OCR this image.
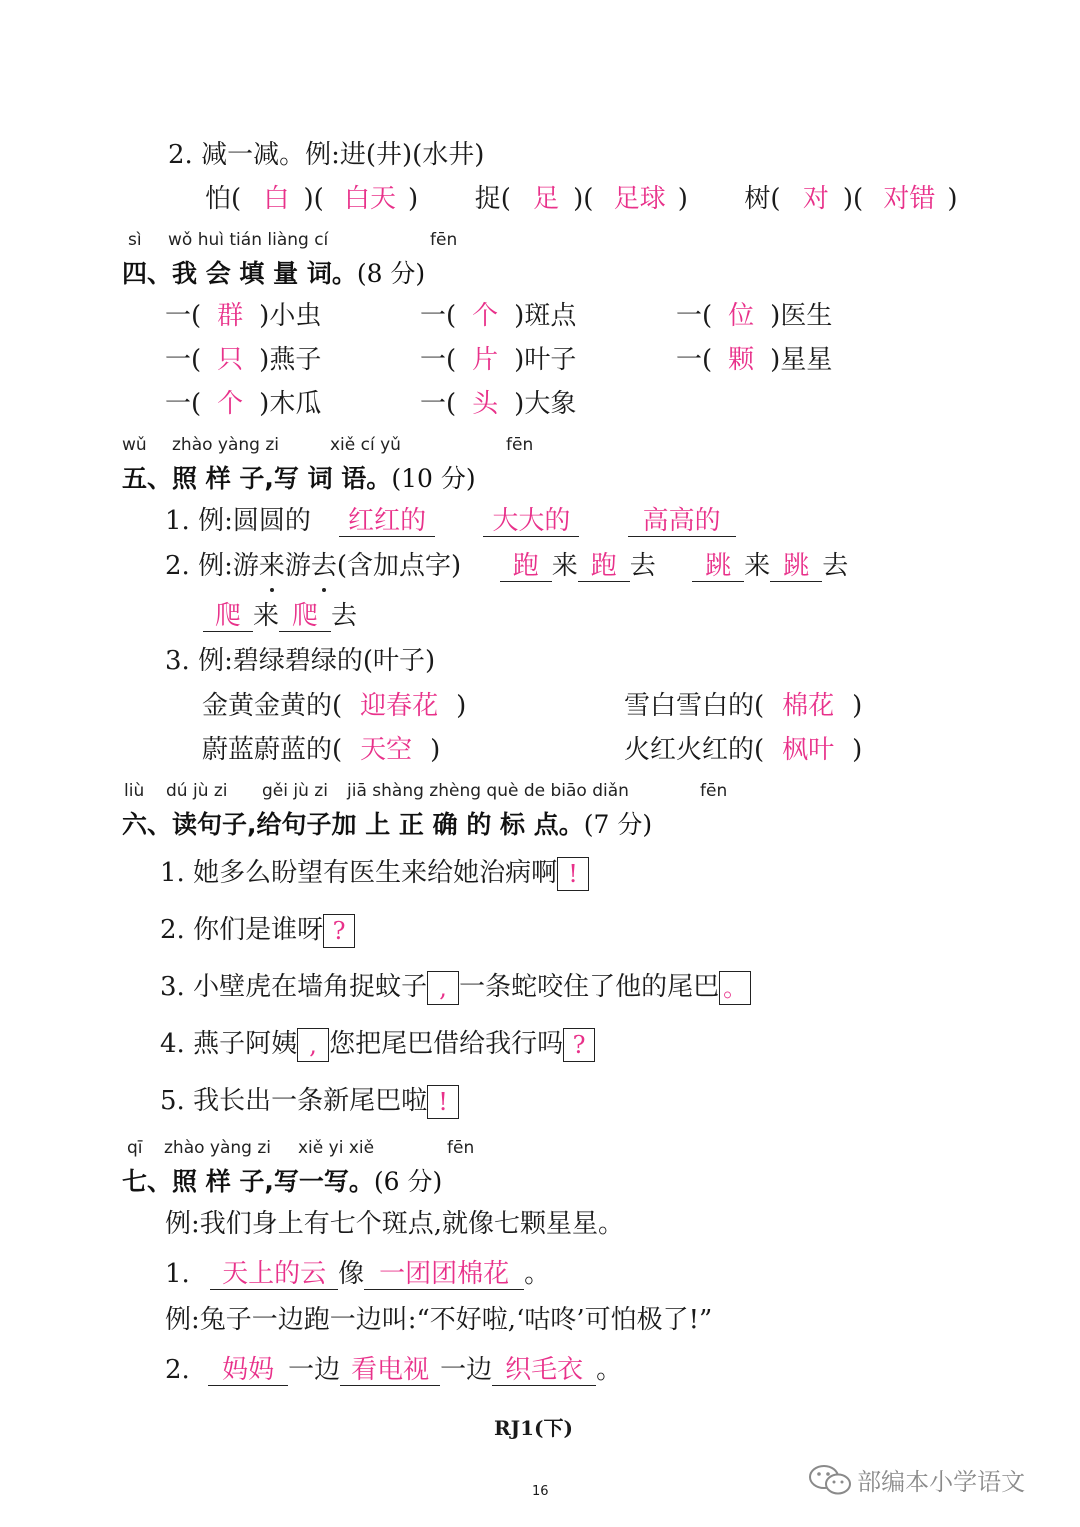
2. 减一减。例:进(井)(水井)
怕( 白 )( 白天 ) 捉( 足 )( 足球 ) 树( 对 )( 对错 )
sì wǒ huì tián liàng cí	fēn
四、我 会 填 量 词。(8 分)
一( 群 )小虫	一( 个 )斑点	一( 位 )医生
一( 只 )燕子	一( 片 )叶子	一( 颗 )星星
一( 个 )木瓜	一( 头 )大象
wǔ zhào yàng zi	xiě cí yǔ	fēn
五、照 样 子,写 词 语。(10 分)
1. 例:圆圆的 红红的	大大的	高高的
2. 例:游来游去(含加点字) 跑 来 跑 去 跳 来 跳 去
爬 来 爬 去
3. 例:碧绿碧绿的(叶子)
金黄金黄的( 迎春花 )	雪白雪白的( 棉花 )
蔚蓝蔚蓝的( 天空 )	火红火红的( 枫叶 )
liù dú jù zi gěi jù zi jiā shàng zhèng què de biāo diǎn	fēn
六、读句子,给句子加 上 正 确 的 标 点。(7 分)
1. 她多么盼望有医生来给她治病啊 !
2. 你们是谁呀 ?
3. 小壁虎在墙角捉蚊子 , 一条蛇咬住了他的尾巴 。
4. 燕子阿姨 , 您把尾巴借给我行吗 ?
5. 我长出一条新尾巴啦 !
qī zhào yàng zi xiě yi xiě	fēn
七、照 样 子,写一写。(6 分)
例:我们身上有七个斑点,就像七颗星星。
1. 天上的云 像 一团团棉花 。
例:兔子一边跑一边叫:“不好啦,‘咕咚’可怕极了!”
2. 妈妈 一边 看电视 一边 织毛衣 。
RJ1(下)
16	部编本小学语文
